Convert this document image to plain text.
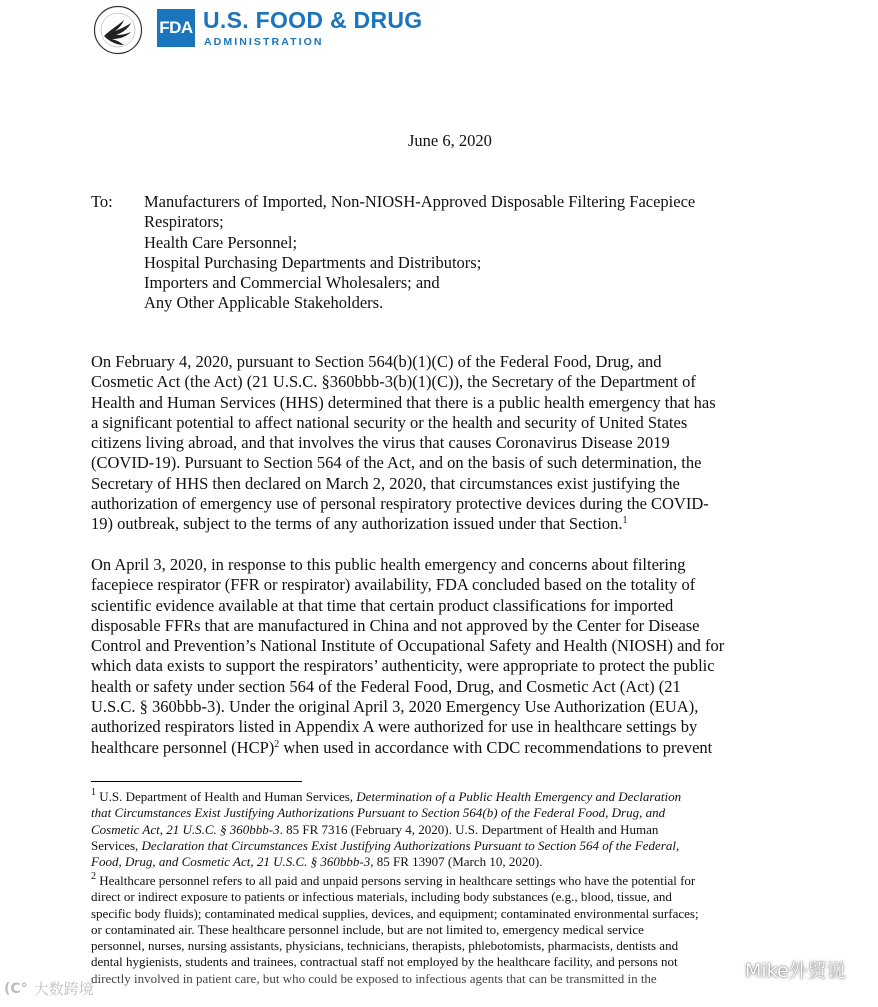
FDA U.S. FOOD & DRUG
ADMINISTRATION
June 6, 2020
To: Manufacturers of Imported, Non-NIOSH-Approved Disposable Filtering Facepiece
Respirators;
Health Care Personnel;
Hospital Purchasing Departments and Distributors;
Importers and Commercial Wholesalers; and
Any Other Applicable Stakeholders.
On February 4, 2020, pursuant to Section 564(b)(1)(C) of the Federal Food, Drug, and
Cosmetic Act (the Act) (21 U.S.C. §360bbb-3(b)(1)(C)), the Secretary of the Department of
Health and Human Services (HHS) determined that there is a public health emergency that has
a significant potential to affect national security or the health and security of United States
citizens living abroad, and that involves the virus that causes Coronavirus Disease 2019
(COVID-19). Pursuant to Section 564 of the Act, and on the basis of such determination, the
Secretary of HHS then declared on March 2, 2020, that circumstances exist justifying the
authorization of emergency use of personal respiratory protective devices during the COVID-
19) outbreak, subject to the terms of any authorization issued under that Section.$^1$
On April 3, 2020, in response to this public health emergency and concerns about filtering
facepiece respirator (FFR or respirator) availability, FDA concluded based on the totality of
scientific evidence available at that time that certain product classifications for imported
disposable FFRs that are manufactured in China and not approved by the Center for Disease
Control and Prevention’s National Institute of Occupational Safety and Health (NIOSH) and for
which data exists to support the respirators’ authenticity, were appropriate to protect the public
health or safety under section 564 of the Federal Food, Drug, and Cosmetic Act (Act) (21
U.S.C. § 360bbb-3). Under the original April 3, 2020 Emergency Use Authorization (EUA),
authorized respirators listed in Appendix A were authorized for use in healthcare settings by
healthcare personnel (HCP)$^2$ when used in accordance with CDC recommendations to prevent
$^1$ U.S. Department of Health and Human Services, Determination of a Public Health Emergency and Declaration
that Circumstances Exist Justifying Authorizations Pursuant to Section 564(b) of the Federal Food, Drug, and
Cosmetic Act, 21 U.S.C. § 360bbb-3. 85 FR 7316 (February 4, 2020). U.S. Department of Health and Human
Services, Declaration that Circumstances Exist Justifying Authorizations Pursuant to Section 564 of the Federal,
Food, Drug, and Cosmetic Act, 21 U.S.C. § 360bbb-3, 85 FR 13907 (March 10, 2020).
$^2$ Healthcare personnel refers to all paid and unpaid persons serving in healthcare settings who have the potential for
direct or indirect exposure to patients or infectious materials, including body substances (e.g., blood, tissue, and
specific body fluids); contaminated medical supplies, devices, and equipment; contaminated environmental surfaces;
or contaminated air. These healthcare personnel include, but are not limited to, emergency medical service
personnel, nurses, nursing assistants, physicians, technicians, therapists, phlebotomists, pharmacists, dentists and
dental hygienists, students and trainees, contractual staff not employed by the healthcare facility, and persons not
directly involved in patient care, but who could be exposed to infectious agents that can be transmitted in the
(C° 大数跨境
Mike外贸说
